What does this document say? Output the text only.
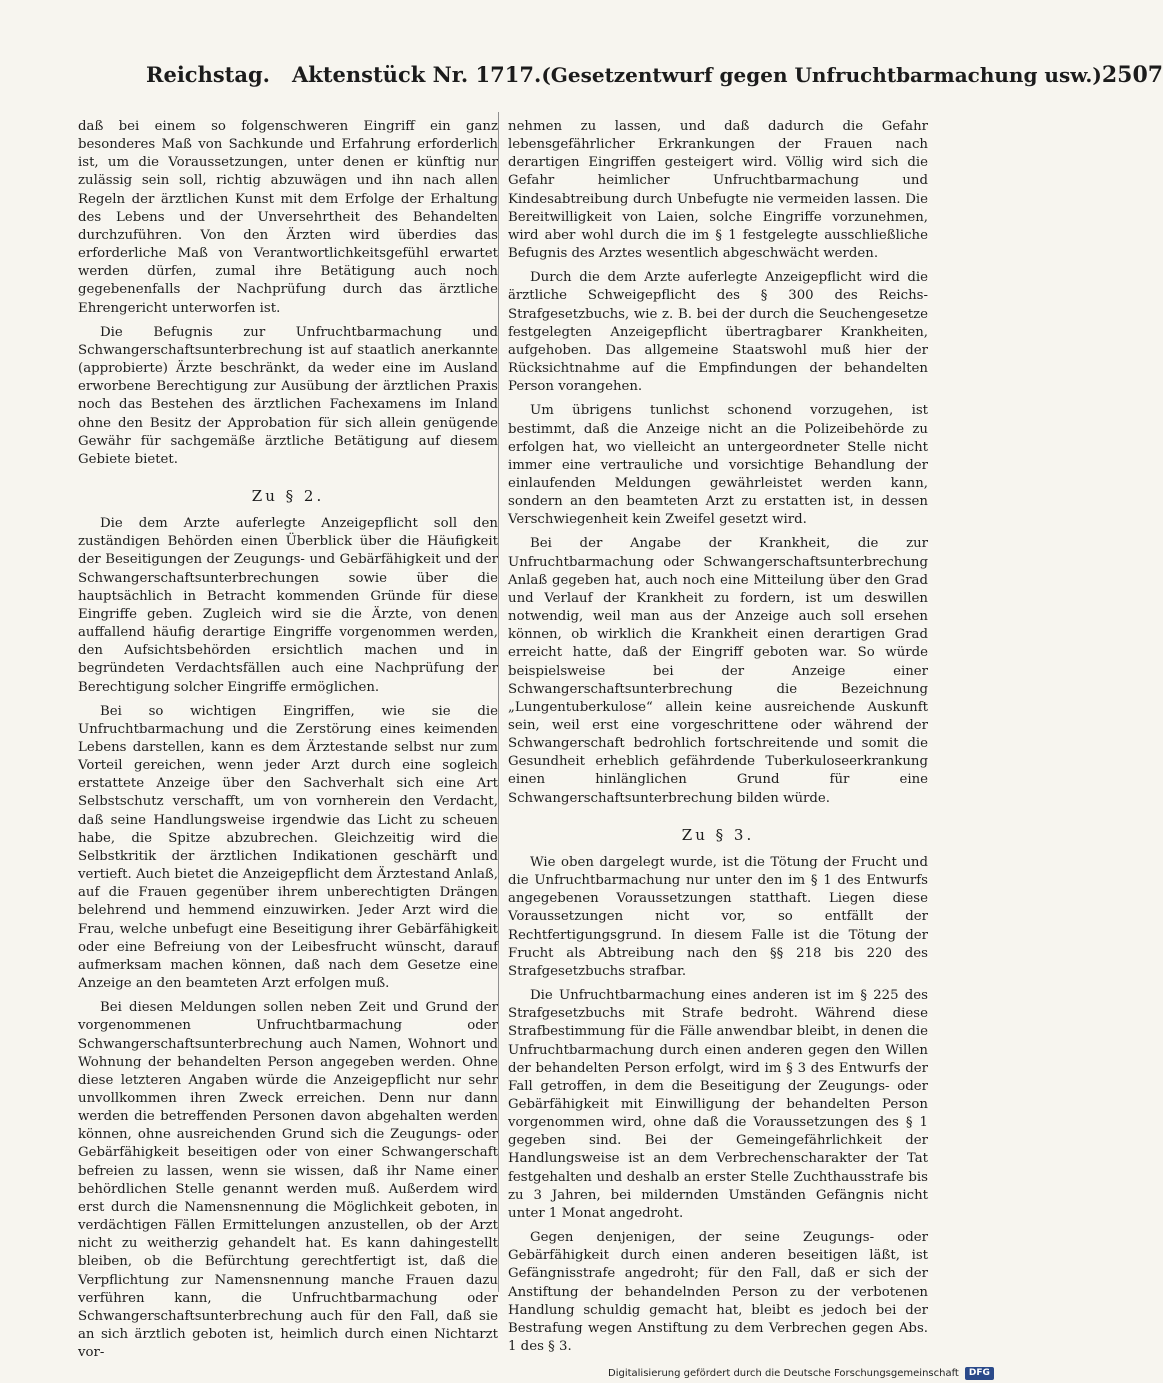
Reichstag. Aktenstück Nr. 1717. (Gesetzentwurf gegen Unfruchtbarmachung usw.) 2507

daß bei einem so folgenschweren Eingriff ein ganz besonderes Maß von Sachkunde und Erfahrung erforderlich ist, um die Voraussetzungen, unter denen er künftig nur zulässig sein soll, richtig abzuwägen und ihn nach allen Regeln der ärztlichen Kunst mit dem Erfolge der Erhaltung des Lebens und der Unversehrtheit des Behandelten durchzuführen. Von den Ärzten wird überdies das erforderliche Maß von Verantwortlichkeitsgefühl erwartet werden dürfen, zumal ihre Betätigung auch noch gegebenenfalls der Nachprüfung durch das ärztliche Ehrengericht unterworfen ist.

Die Befugnis zur Unfruchtbarmachung und Schwangerschaftsunterbrechung ist auf staatlich anerkannte (approbierte) Ärzte beschränkt, da weder eine im Ausland erworbene Berechtigung zur Ausübung der ärztlichen Praxis noch das Bestehen des ärztlichen Fachexamens im Inland ohne den Besitz der Approbation für sich allein genügende Gewähr für sachgemäße ärztliche Betätigung auf diesem Gebiete bietet.

Zu § 2.

Die dem Arzte auferlegte Anzeigepflicht soll den zuständigen Behörden einen Überblick über die Häufigkeit der Beseitigungen der Zeugungs- und Gebärfähigkeit und der Schwangerschaftsunterbrechungen sowie über die hauptsächlich in Betracht kommenden Gründe für diese Eingriffe geben. Zugleich wird sie die Ärzte, von denen auffallend häufig derartige Eingriffe vorgenommen werden, den Aufsichtsbehörden ersichtlich machen und in begründeten Verdachtsfällen auch eine Nachprüfung der Berechtigung solcher Eingriffe ermöglichen.

Bei so wichtigen Eingriffen, wie sie die Unfruchtbarmachung und die Zerstörung eines keimenden Lebens darstellen, kann es dem Ärztestande selbst nur zum Vorteil gereichen, wenn jeder Arzt durch eine sogleich erstattete Anzeige über den Sachverhalt sich eine Art Selbstschutz verschafft, um von vornherein den Verdacht, daß seine Handlungsweise irgendwie das Licht zu scheuen habe, die Spitze abzubrechen. Gleichzeitig wird die Selbstkritik der ärztlichen Indikationen geschärft und vertieft. Auch bietet die Anzeigepflicht dem Ärztestand Anlaß, auf die Frauen gegenüber ihrem unberechtigten Drängen belehrend und hemmend einzuwirken. Jeder Arzt wird die Frau, welche unbefugt eine Beseitigung ihrer Gebärfähigkeit oder eine Befreiung von der Leibesfrucht wünscht, darauf aufmerksam machen können, daß nach dem Gesetze eine Anzeige an den beamteten Arzt erfolgen muß.

Bei diesen Meldungen sollen neben Zeit und Grund der vorgenommenen Unfruchtbarmachung oder Schwangerschaftsunterbrechung auch Namen, Wohnort und Wohnung der behandelten Person angegeben werden. Ohne diese letzteren Angaben würde die Anzeigepflicht nur sehr unvollkommen ihren Zweck erreichen. Denn nur dann werden die betreffenden Personen davon abgehalten werden können, ohne ausreichenden Grund sich die Zeugungs- oder Gebärfähigkeit beseitigen oder von einer Schwangerschaft befreien zu lassen, wenn sie wissen, daß ihr Name einer behördlichen Stelle genannt werden muß. Außerdem wird erst durch die Namensnennung die Möglichkeit geboten, in verdächtigen Fällen Ermittelungen anzustellen, ob der Arzt nicht zu weitherzig gehandelt hat. Es kann dahingestellt bleiben, ob die Befürchtung gerechtfertigt ist, daß die Verpflichtung zur Namensnennung manche Frauen dazu verführen kann, die Unfruchtbarmachung oder Schwangerschaftsunterbrechung auch für den Fall, daß sie an sich ärztlich geboten ist, heimlich durch einen Nichtarzt vor-

nehmen zu lassen, und daß dadurch die Gefahr lebensgefährlicher Erkrankungen der Frauen nach derartigen Eingriffen gesteigert wird. Völlig wird sich die Gefahr heimlicher Unfruchtbarmachung und Kindesabtreibung durch Unbefugte nie vermeiden lassen. Die Bereitwilligkeit von Laien, solche Eingriffe vorzunehmen, wird aber wohl durch die im § 1 festgelegte ausschließliche Befugnis des Arztes wesentlich abgeschwächt werden.

Durch die dem Arzte auferlegte Anzeigepflicht wird die ärztliche Schweigepflicht des § 300 des Reichs-Strafgesetzbuchs, wie z. B. bei der durch die Seuchengesetze festgelegten Anzeigepflicht übertragbarer Krankheiten, aufgehoben. Das allgemeine Staatswohl muß hier der Rücksichtnahme auf die Empfindungen der behandelten Person vorangehen.

Um übrigens tunlichst schonend vorzugehen, ist bestimmt, daß die Anzeige nicht an die Polizeibehörde zu erfolgen hat, wo vielleicht an untergeordneter Stelle nicht immer eine vertrauliche und vorsichtige Behandlung der einlaufenden Meldungen gewährleistet werden kann, sondern an den beamteten Arzt zu erstatten ist, in dessen Verschwiegenheit kein Zweifel gesetzt wird.

Bei der Angabe der Krankheit, die zur Unfruchtbarmachung oder Schwangerschaftsunterbrechung Anlaß gegeben hat, auch noch eine Mitteilung über den Grad und Verlauf der Krankheit zu fordern, ist um deswillen notwendig, weil man aus der Anzeige auch soll ersehen können, ob wirklich die Krankheit einen derartigen Grad erreicht hatte, daß der Eingriff geboten war. So würde beispielsweise bei der Anzeige einer Schwangerschaftsunterbrechung die Bezeichnung „Lungentuberkulose“ allein keine ausreichende Auskunft sein, weil erst eine vorgeschrittene oder während der Schwangerschaft bedrohlich fortschreitende und somit die Gesundheit erheblich gefährdende Tuberkuloseerkrankung einen hinlänglichen Grund für eine Schwangerschaftsunterbrechung bilden würde.

Zu § 3.

Wie oben dargelegt wurde, ist die Tötung der Frucht und die Unfruchtbarmachung nur unter den im § 1 des Entwurfs angegebenen Voraussetzungen statthaft. Liegen diese Voraussetzungen nicht vor, so entfällt der Rechtfertigungsgrund. In diesem Falle ist die Tötung der Frucht als Abtreibung nach den §§ 218 bis 220 des Strafgesetzbuchs strafbar.

Die Unfruchtbarmachung eines anderen ist im § 225 des Strafgesetzbuchs mit Strafe bedroht. Während diese Strafbestimmung für die Fälle anwendbar bleibt, in denen die Unfruchtbarmachung durch einen anderen gegen den Willen der behandelten Person erfolgt, wird im § 3 des Entwurfs der Fall getroffen, in dem die Beseitigung der Zeugungs- oder Gebärfähigkeit mit Einwilligung der behandelten Person vorgenommen wird, ohne daß die Voraussetzungen des § 1 gegeben sind. Bei der Gemeingefährlichkeit der Handlungsweise ist an dem Verbrechenscharakter der Tat festgehalten und deshalb an erster Stelle Zuchthausstrafe bis zu 3 Jahren, bei mildernden Umständen Gefängnis nicht unter 1 Monat angedroht.

Gegen denjenigen, der seine Zeugungs- oder Gebärfähigkeit durch einen anderen beseitigen läßt, ist Gefängnisstrafe angedroht; für den Fall, daß er sich der Anstiftung der behandelnden Person zu der verbotenen Handlung schuldig gemacht hat, bleibt es jedoch bei der Bestrafung wegen Anstiftung zu dem Verbrechen gegen Abs. 1 des § 3.

Digitalisierung gefördert durch die Deutsche Forschungsgemeinschaft	DFG
